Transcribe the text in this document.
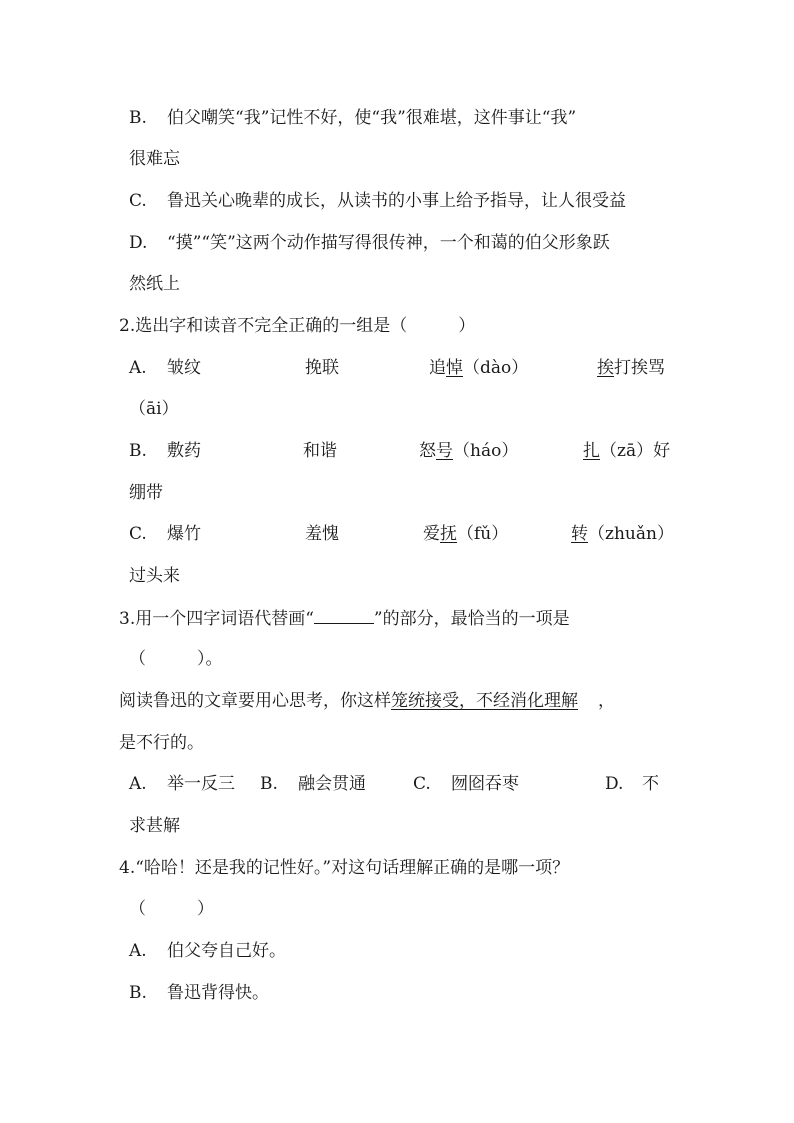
B. 伯父嘲笑“我”记性不好，使“我”很难堪，这件事让“我”
很难忘
C. 鲁迅关心晚辈的成长，从读书的小事上给予指导，让人很受益
D. “摸”“笑”这两个动作描写得很传神，一个和蔼的伯父形象跃
然纸上
2.选出字和读音不完全正确的一组是（　　　）
A. 皱纹	挽联	追悼（dào）	挨打挨骂
（āi）
B. 敷药	和谐	怒号（háo）	扎（zā）好
绷带
C. 爆竹	羞愧	爱抚（fǔ）	转（zhuǎn）
过头来
3.用一个四字词语代替画“	”的部分，最恰当的一项是
（　　　）。
阅读鲁迅的文章要用心思考，你这样笼统接受，不经消化理解 ，
是不行的。
A. 举一反三 B. 融会贯通	C. 囫囵吞枣	D. 不
求甚解
4.“哈哈！还是我的记性好。”对这句话理解正确的是哪一项？
（　　　）
A. 伯父夸自己好。
B. 鲁迅背得快。
